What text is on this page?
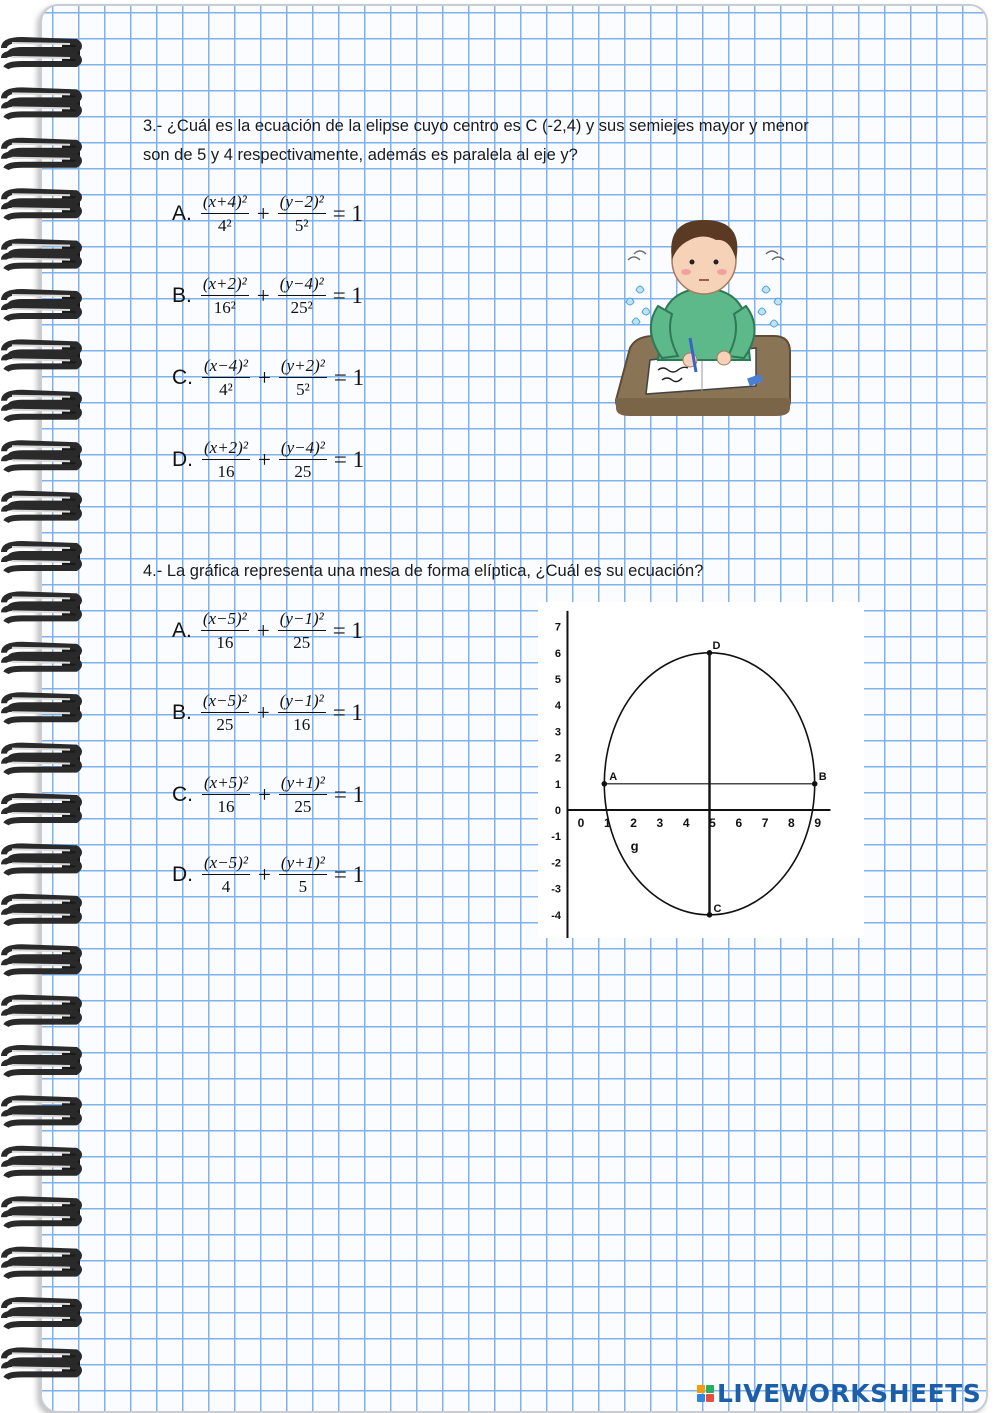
3.- ¿Cuál es la ecuación de la elipse cuyo centro es C (-2,4) y sus semiejes mayor y menor
son de 5 y 4 respectivamente, además es paralela al eje y?
A. $\frac{\text{(x+4)²}}{\text{4²}} + \frac{\text{(y−2)²}}{\text{5²}} = 1$
B. $\frac{\text{(x+2)²}}{\text{16²}} + \frac{\text{(y−4)²}}{\text{25²}} = 1$
C. $\frac{\text{(x−4)²}}{\text{4²}} + \frac{\text{(y+2)²}}{\text{5²}} = 1$
D. $\frac{\text{(x+2)²}}{16} + \frac{\text{(y−4)²}}{25} = 1$
4.- La gráfica representa una mesa de forma elíptica, ¿Cuál es su ecuación?
A. $\frac{\text{(x−5)²}}{16} + \frac{\text{(y−1)²}}{25} = 1$
B. $\frac{\text{(x−5)²}}{25} + \frac{\text{(y−1)²}}{16} = 1$
C. $\frac{\text{(x+5)²}}{16} + \frac{\text{(y+1)²}}{25} = 1$
D. $\frac{\text{(x−5)²}}{4} + \frac{\text{(y+1)²}}{5} = 1$
7
6
5
4
3
2
1
0
-1
-2
-3
-4
0 1 2 3 4 5 6 7 8 9
A	B
C
D
g
LIVEWORKSHEETS
